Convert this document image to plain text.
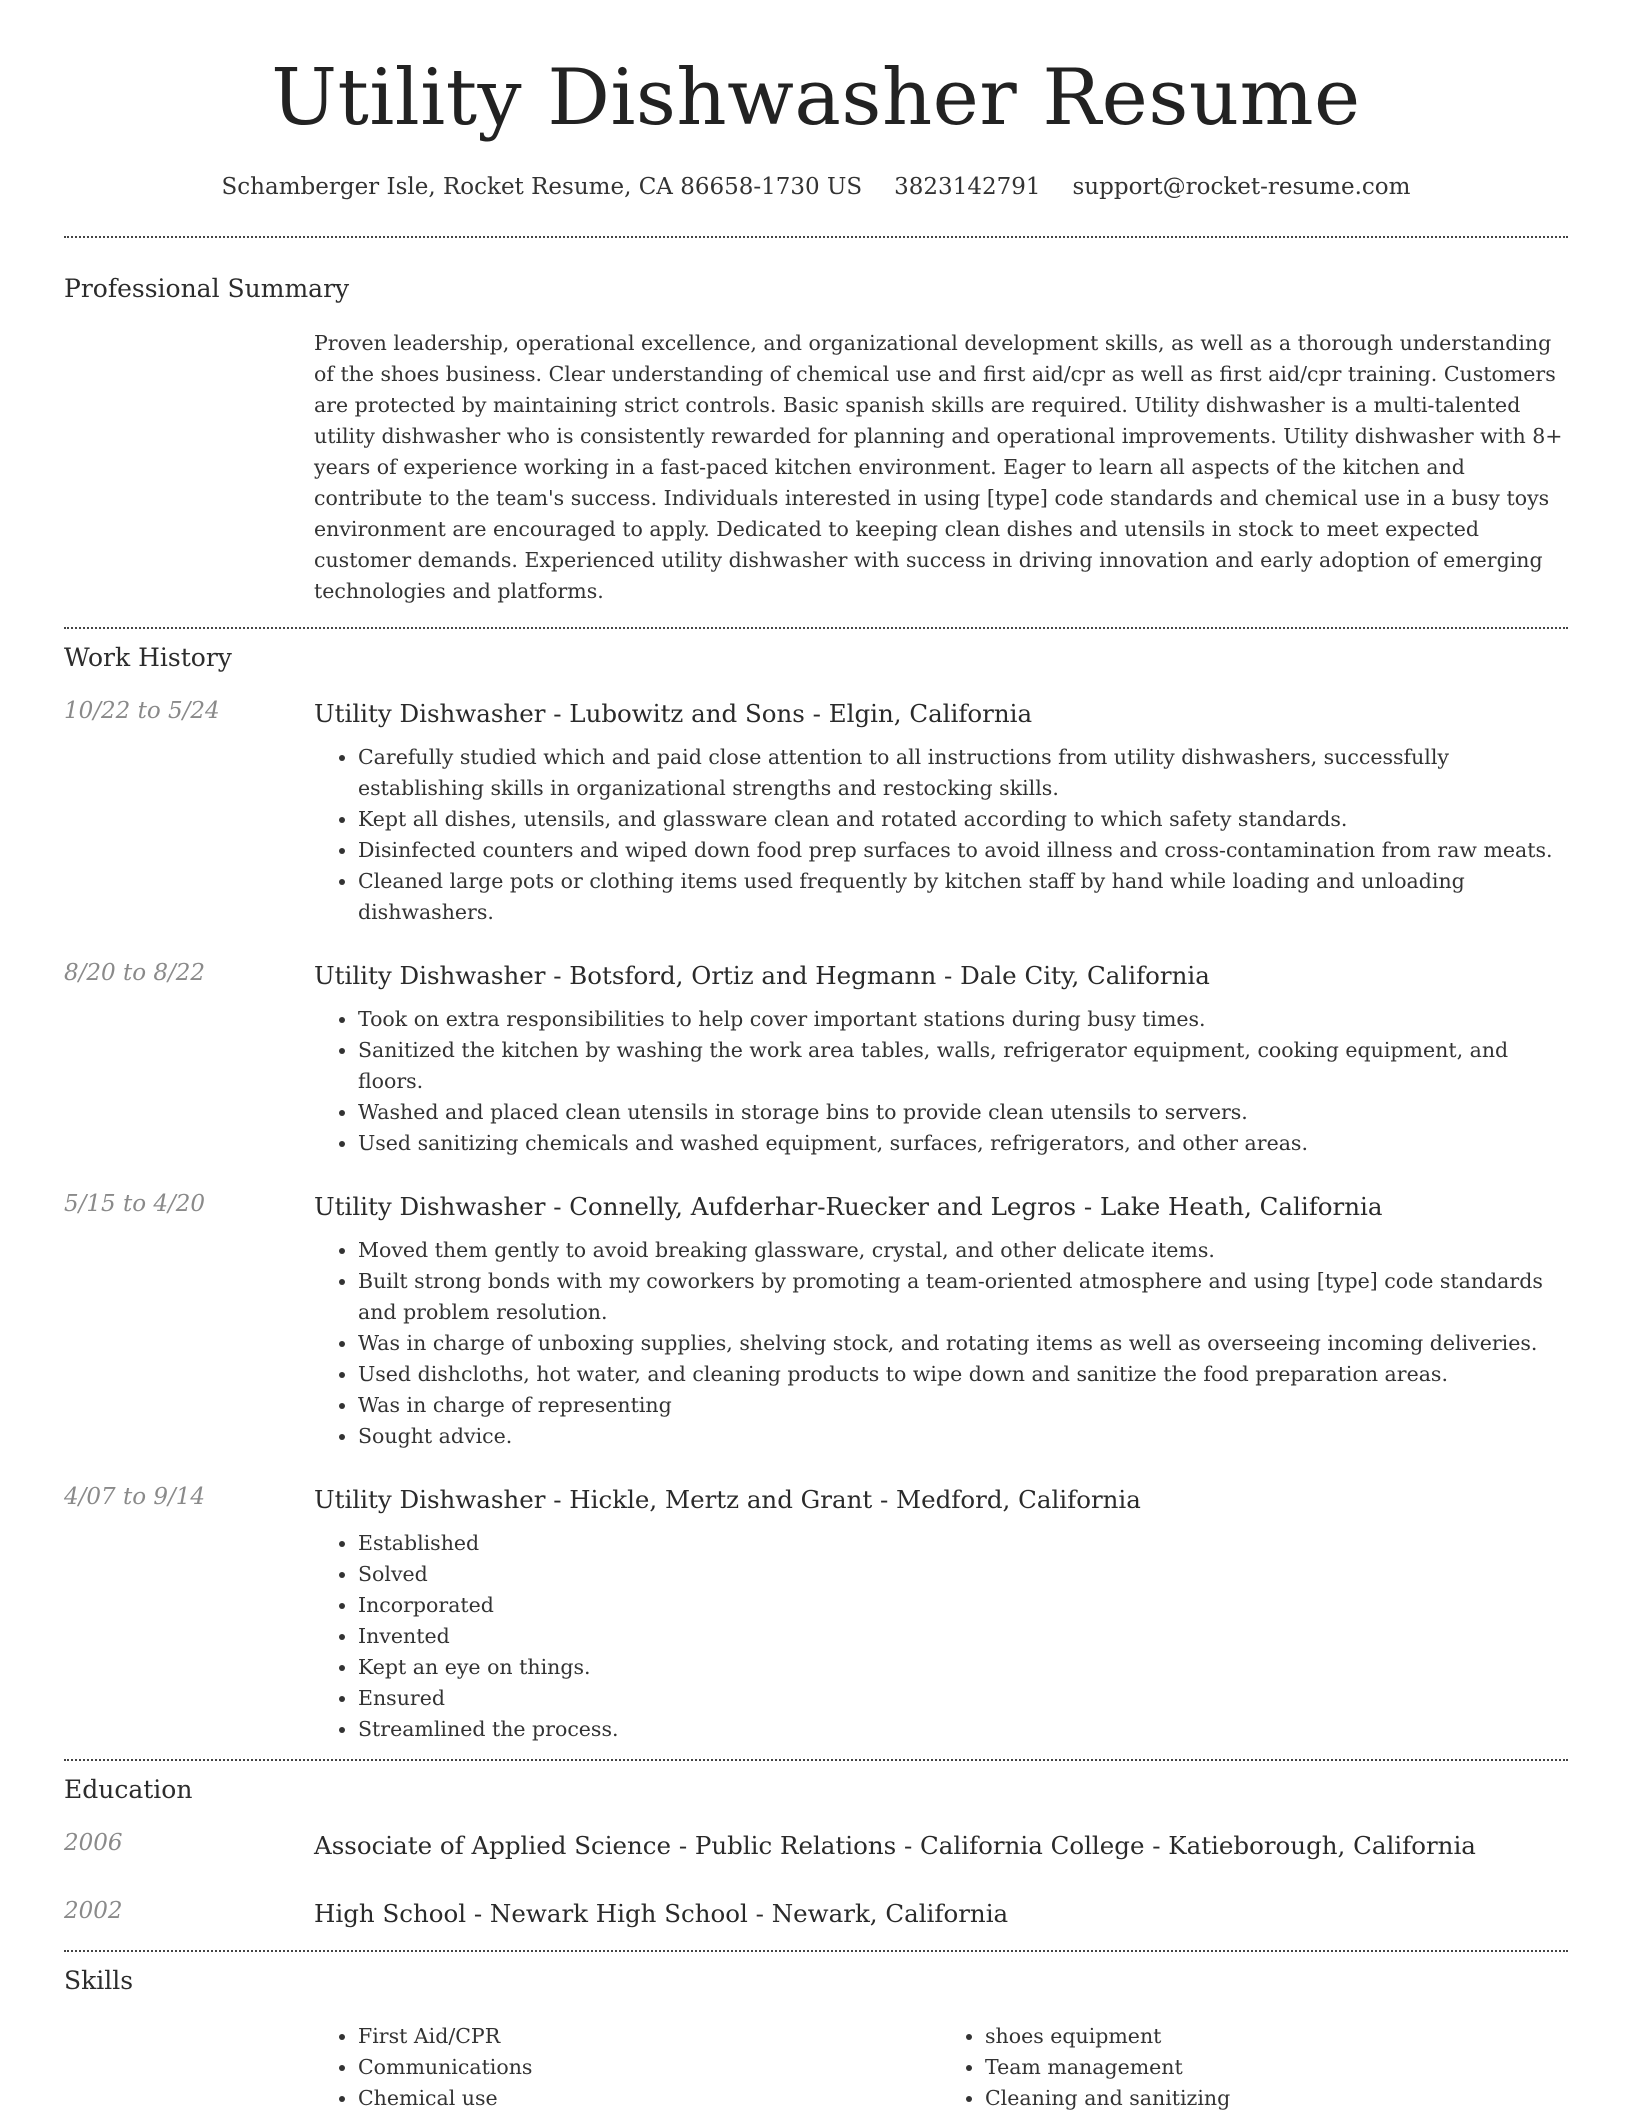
Utility Dishwasher Resume
Schamberger Isle, Rocket Resume, CA 86658-1730 US 3823142791 support@rocket-resume.com
Professional Summary

Proven leadership, operational excellence, and organizational development skills, as well as a thorough understanding of the shoes business. Clear understanding of chemical use and first aid/cpr as well as first aid/cpr training. Customers are protected by maintaining strict controls. Basic spanish skills are required. Utility dishwasher is a multi-talented utility dishwasher who is consistently rewarded for planning and operational improvements. Utility dishwasher with 8+ years of experience working in a fast-paced kitchen environment. Eager to learn all aspects of the kitchen and contribute to the team's success. Individuals interested in using [type] code standards and chemical use in a busy toys environment are encouraged to apply. Dedicated to keeping clean dishes and utensils in stock to meet expected customer demands. Experienced utility dishwasher with success in driving innovation and early adoption of emerging technologies and platforms.

Work History
10/22 to 5/24	Utility Dishwasher - Lubowitz and Sons - Elgin, California
• Carefully studied which and paid close attention to all instructions from utility dishwashers, successfully establishing skills in organizational strengths and restocking skills.
• Kept all dishes, utensils, and glassware clean and rotated according to which safety standards.
• Disinfected counters and wiped down food prep surfaces to avoid illness and cross-contamination from raw meats.
• Cleaned large pots or clothing items used frequently by kitchen staff by hand while loading and unloading dishwashers.
8/20 to 8/22	Utility Dishwasher - Botsford, Ortiz and Hegmann - Dale City, California
• Took on extra responsibilities to help cover important stations during busy times.
• Sanitized the kitchen by washing the work area tables, walls, refrigerator equipment, cooking equipment, and floors.
• Washed and placed clean utensils in storage bins to provide clean utensils to servers.
• Used sanitizing chemicals and washed equipment, surfaces, refrigerators, and other areas.
5/15 to 4/20	Utility Dishwasher - Connelly, Aufderhar-Ruecker and Legros - Lake Heath, California
• Moved them gently to avoid breaking glassware, crystal, and other delicate items.
• Built strong bonds with my coworkers by promoting a team-oriented atmosphere and using [type] code standards and problem resolution.
• Was in charge of unboxing supplies, shelving stock, and rotating items as well as overseeing incoming deliveries.
• Used dishcloths, hot water, and cleaning products to wipe down and sanitize the food preparation areas.
• Was in charge of representing
• Sought advice.
4/07 to 9/14	Utility Dishwasher - Hickle, Mertz and Grant - Medford, California
• Established
• Solved
• Incorporated
• Invented
• Kept an eye on things.
• Ensured
• Streamlined the process.
Education
2006	Associate of Applied Science - Public Relations - California College - Katieborough, California
2002	High School - Newark High School - Newark, California
Skills
• First Aid/CPR
• Communications
• Chemical use
• shoes equipment
• Team management
• Cleaning and sanitizing
